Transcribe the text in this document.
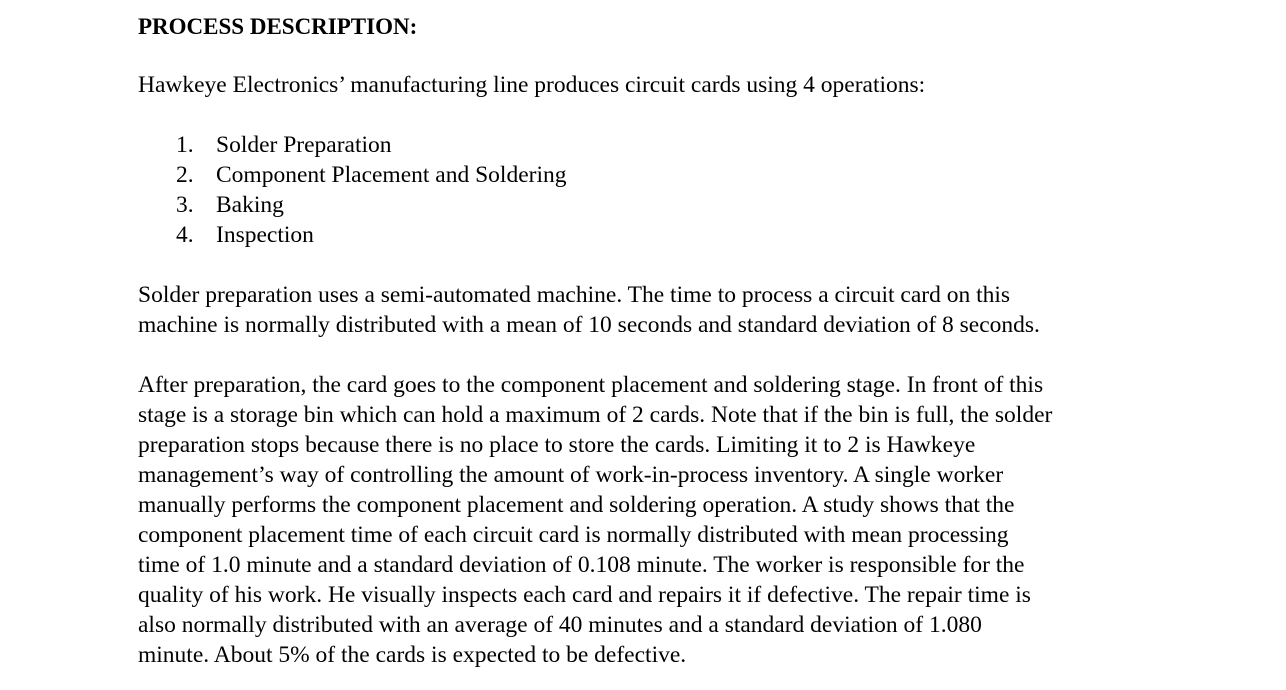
PROCESS DESCRIPTION:
Hawkeye Electronics’ manufacturing line produces circuit cards using 4 operations:
1. Solder Preparation
2. Component Placement and Soldering
3. Baking
4. Inspection
Solder preparation uses a semi-automated machine. The time to process a circuit card on this
machine is normally distributed with a mean of 10 seconds and standard deviation of 8 seconds.
After preparation, the card goes to the component placement and soldering stage. In front of this
stage is a storage bin which can hold a maximum of 2 cards. Note that if the bin is full, the solder
preparation stops because there is no place to store the cards. Limiting it to 2 is Hawkeye
management’s way of controlling the amount of work-in-process inventory. A single worker
manually performs the component placement and soldering operation. A study shows that the
component placement time of each circuit card is normally distributed with mean processing
time of 1.0 minute and a standard deviation of 0.108 minute. The worker is responsible for the
quality of his work. He visually inspects each card and repairs it if defective. The repair time is
also normally distributed with an average of 40 minutes and a standard deviation of 1.080
minute. About 5% of the cards is expected to be defective.
